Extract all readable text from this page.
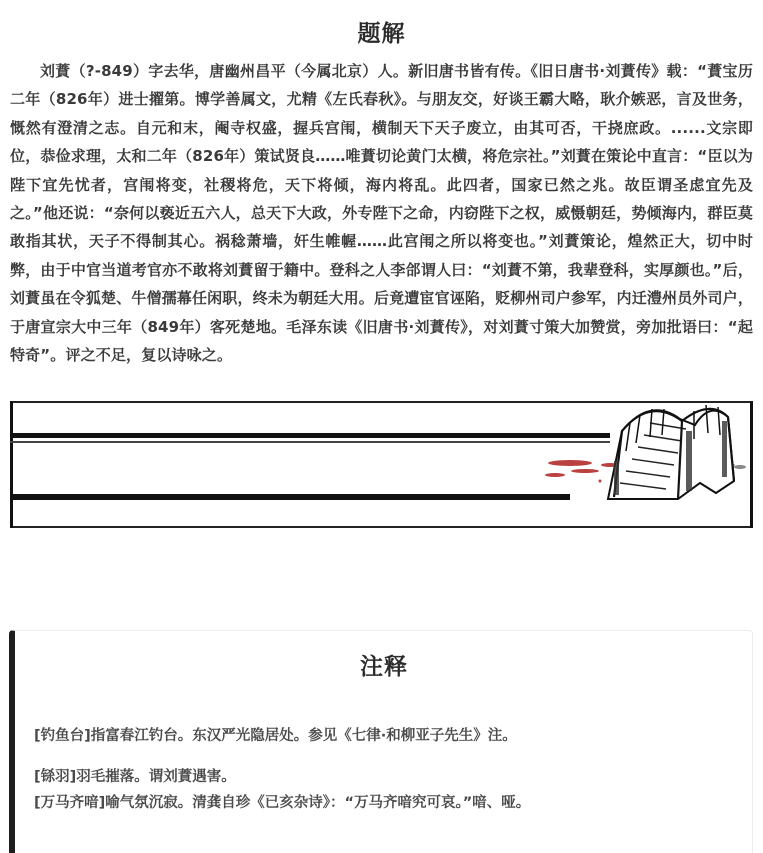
题解
刘蕡（?-849）字去华，唐幽州昌平（今属北京）人。新旧唐书皆有传。《旧日唐书·刘蕡传》载：“蕡宝历二年（826年）进士擢第。博学善属文，尤精《左氏春秋》。与朋友交，好谈王霸大略，耿介嫉恶，言及世务，慨然有澄清之志。自元和末，阉寺权盛，握兵宫闱，横制天下天子废立，由其可否，干挠庶政。......文宗即位，恭俭求理，太和二年（826年）策试贤良……唯蕡切论黄门太横，将危宗社。”刘蕡在策论中直言：“臣以为陛下宜先忧者，宫闱将变，社稷将危，天下将倾，海内将乱。此四者，国家已然之兆。故臣谓圣虑宜先及之。”他还说：“奈何以亵近五六人，总天下大政，外专陛下之命，内窃陛下之权，威慑朝廷，势倾海内，群臣莫敢指其状，天子不得制其心。祸稔萧墙，奸生帷幄……此宫闱之所以将变也。”刘蕡策论，煌然正大，切中时弊，由于中官当道考官亦不敢将刘蕡留于籍中。登科之人李郃谓人曰：“刘蕡不第，我辈登科，实厚颜也。”后，刘蕡虽在令狐楚、牛僧孺幕任闲职，终未为朝廷大用。后竟遭宦官诬陷，贬柳州司户参军，内迁澧州员外司户，于唐宣宗大中三年（849年）客死楚地。毛泽东读《旧唐书·刘蕡传》，对刘蕡寸策大加赞赏，旁加批语曰：“起特奇”。评之不足，复以诗咏之。
注释
[钓鱼台]指富春江钓台。东汉严光隐居处。参见《七律·和柳亚子先生》注。
[铩羽]羽毛摧落。谓刘蕡遇害。
[万马齐喑]喻气氛沉寂。清龚自珍《已亥杂诗》：“万马齐喑究可哀。”喑、哑。
